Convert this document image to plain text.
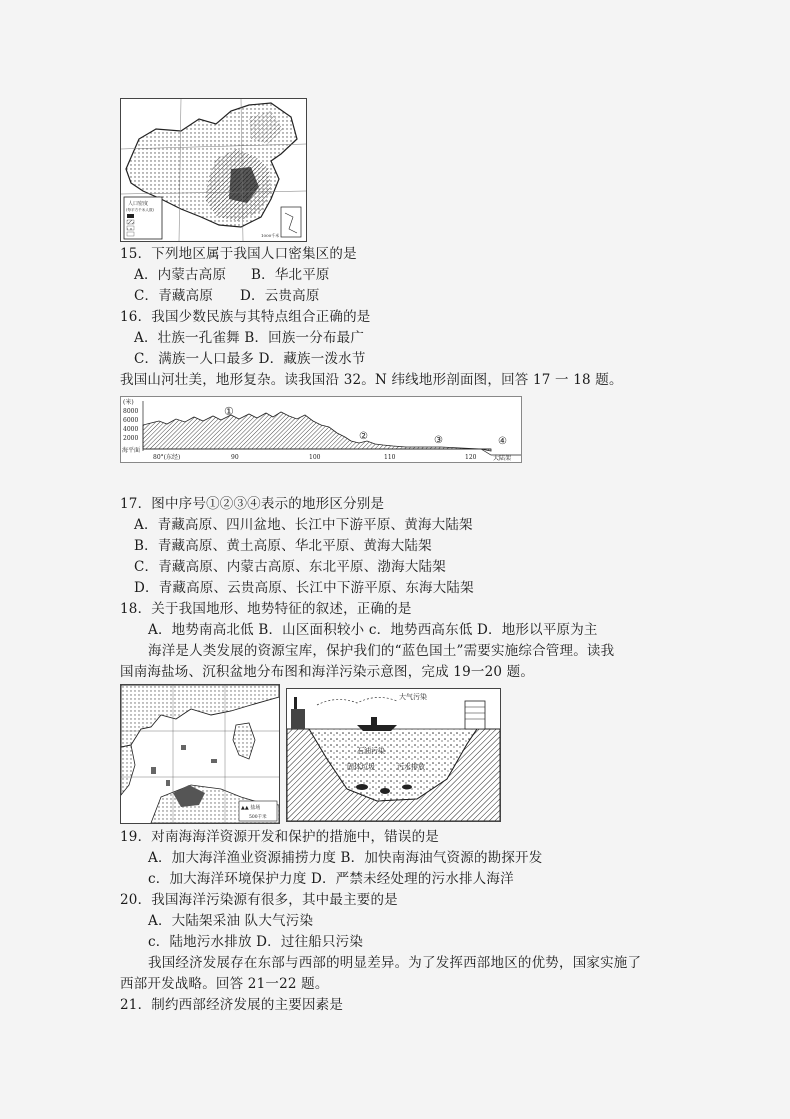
人口密度
(每平方千米人数)
1000千米
15．下列地区属于我国人口密集区的是
A．内蒙古高原 B．华北平原
C．青藏高原 D．云贵高原
16．我国少数民族与其特点组合正确的是
A．壮族一孔雀舞 B．回族一分布最广
C．满族一人口最多 D．藏族一泼水节
我国山河壮美，地形复杂。读我国沿 32。N 纬线地形剖面图，回答 17 一 18 题。
(米)
8000
6000
4000
2000
海平面
①
②	③	④
80°(东经)	90	100	110	120	大陆架
17．图中序号①②③④表示的地形区分别是
A．青藏高原、四川盆地、长江中下游平原、黄海大陆架
B．青藏高原、黄土高原、华北平原、黄海大陆架
C．青藏高原、内蒙古高原、东北平原、渤海大陆架
D．青藏高原、云贵高原、长江中下游平原、东海大陆架
18．关于我国地形、地势特征的叙述，正确的是
A．地势南高北低 B．山区面积较小 c．地势西高东低 D．地形以平原为主
海洋是人类发展的资源宝库，保护我们的“蓝色国土”需要实施综合管理。读我
国南海盐场、沉积盆地分布图和海洋污染示意图，完成 19一20 题。
▲▲ 盐场
500千米
大气污染
石油污染
固体垃圾	污水排放
19．对南海海洋资源开发和保护的措施中，错误的是
A．加大海洋渔业资源捕捞力度 B．加快南海油气资源的勘探开发
c．加大海洋环境保护力度 D．严禁未经处理的污水排人海洋
20．我国海洋污染源有很多，其中最主要的是
A．大陆架采油 队大气污染
c．陆地污水排放 D．过往船只污染
我国经济发展存在东部与西部的明显差异。为了发挥西部地区的优势，国家实施了
西部开发战略。回答 21一22 题。
21．制约西部经济发展的主要因素是
